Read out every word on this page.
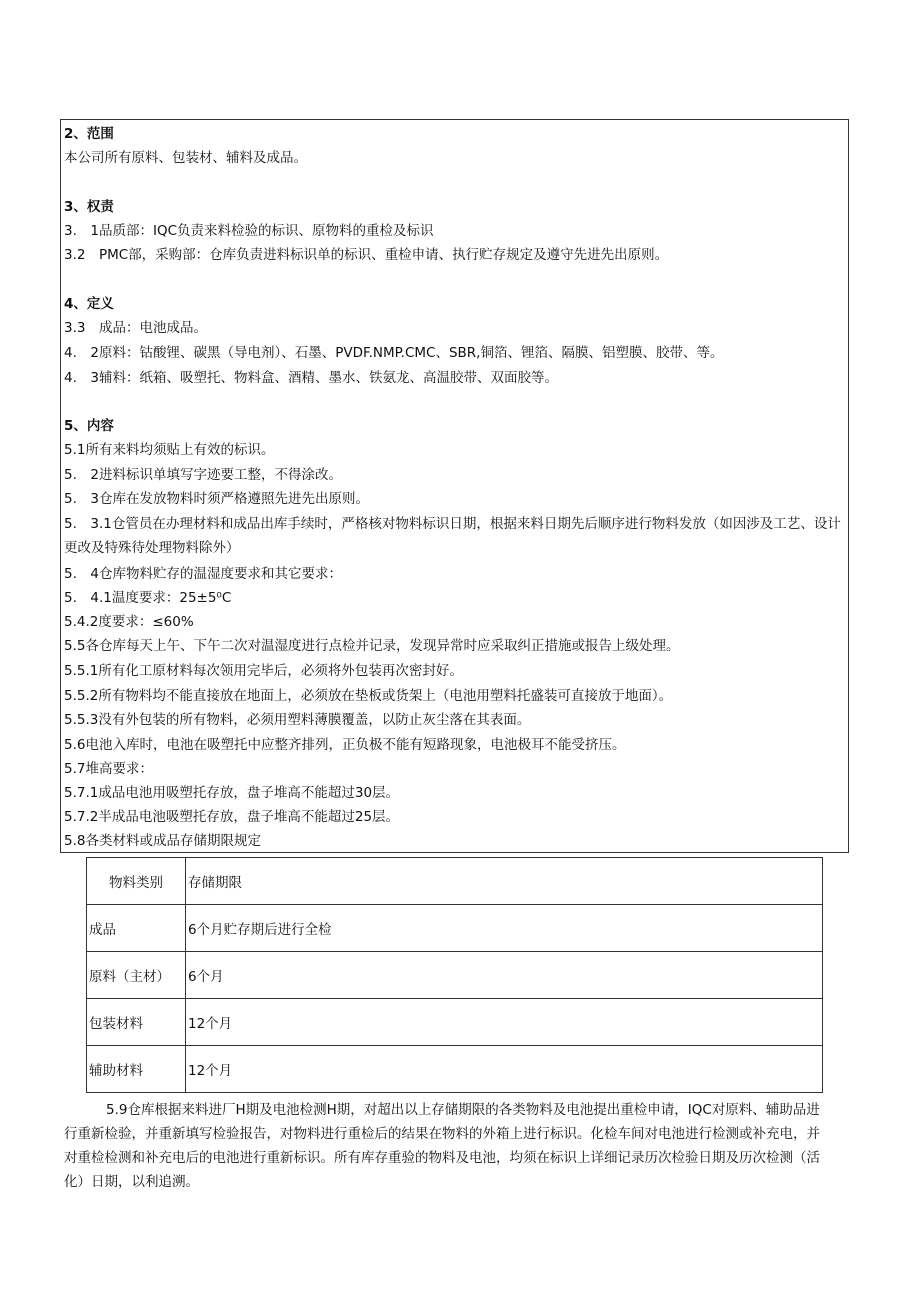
2、范围
本公司所有原料、包装材、辅料及成品。
3、权责
3.　1品质部：IQC负责来料检验的标识、原物料的重检及标识
3.2　PMC部，采购部：仓库负责进料标识单的标识、重检申请、执行贮存规定及遵守先进先出原则。
4、定义
3.3　成品：电池成品。
4.　2原料：钴酸锂、碳黑（导电剂）、石墨、PVDF.NMP.CMC、SBR,铜箔、锂箔、隔膜、铝塑膜、胶带、等。
4.　3辅料：纸箱、吸塑托、物料盒、酒精、墨水、铁氨龙、高温胶带、双面胶等。
5、内容
5.1所有来料均须贴上有效的标识。
5.　2进料标识单填写字迹要工整，不得涂改。
5.　3仓库在发放物料时须严格遵照先进先出原则。
5.　3.1仓管员在办理材料和成品出库手续时，严格核对物料标识日期，根据来料日期先后顺序进行物料发放（如因涉及工艺、设计更改及特殊待处理物料除外）
5.　4仓库物料贮存的温湿度要求和其它要求：
5.　4.1温度要求：25±5⁰C
5.4.2度要求：≤60%
5.5各仓库每天上午、下午二次对温湿度进行点检并记录，发现异常时应采取纠正措施或报告上级处理。
5.5.1所有化工原材料每次领用完毕后，必须将外包装再次密封好。
5.5.2所有物料均不能直接放在地面上，必须放在垫板或货架上（电池用塑料托盛装可直接放于地面）。
5.5.3没有外包装的所有物料，必须用塑料薄膜覆盖，以防止灰尘落在其表面。
5.6电池入库时，电池在吸塑托中应整齐排列，正负极不能有短路现象，电池极耳不能受挤压。
5.7堆高要求：
5.7.1成品电池用吸塑托存放，盘子堆高不能超过30层。
5.7.2半成品电池吸塑托存放，盘子堆高不能超过25层。
5.8各类材料或成品存储期限规定
物料类别	存储期限
成品	6个月贮存期后进行全检
原料（主材）	6个月
包装材料	12个月
辅助材料	12个月
5.9仓库根据来料进厂H期及电池检测H期，对超出以上存储期限的各类物料及电池提出重检申请，IQC对原料、辅助品进行重新检验，并重新填写检验报告，对物料进行重检后的结果在物料的外箱上进行标识。化检车间对电池进行检测或补充电，并对重检检测和补充电后的电池进行重新标识。所有库存重验的物料及电池，均须在标识上详细记录历次检验日期及历次检测（活化）日期，以利追溯。
